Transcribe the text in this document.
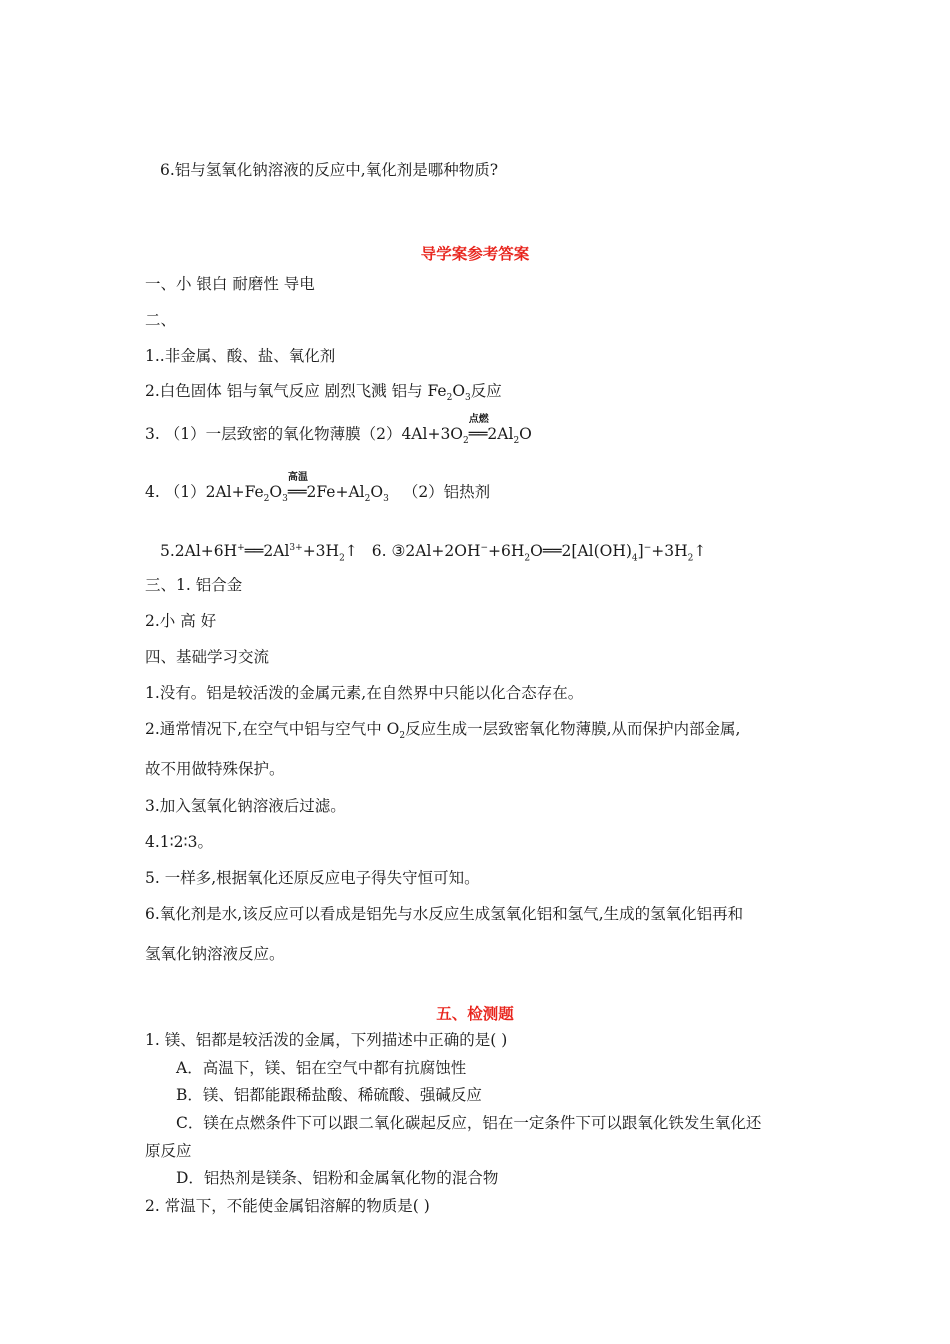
6.铝与氢氧化钠溶液的反应中,氧化剂是哪种物质?
导学案参考答案
一、小 银白 耐磨性 导电
二、
1..非金属、酸、盐、氧化剂
2.白色固体 铝与氧气反应 剧烈飞溅 铝与 $Fe_2O_3$反应
3. （1）一层致密的氧化物薄膜$(2)4Al+3O_2$
点燃
$══2Al_2O$
4. $(1)2Al+Fe_2O_3$
高温
$══2Fe+Al_2O_3$ （2）铝热剂
$5.2Al+6H^+══2Al^{3+}+3H_2↑$ 6. $③2Al+2OH^-+6H_2O══2[Al(OH)_4]^-+3H_2↑$
三、1. 铝合金
2.小 高 好
四、基础学习交流
1.没有。铝是较活泼的金属元素,在自然界中只能以化合态存在。
2.通常情况下,在空气中铝与空气中 $O_2$反应生成一层致密氧化物薄膜,从而保护内部金属,
故不用做特殊保护。
3.加入氢氧化钠溶液后过滤。
4.1∶2∶3。
5. 一样多,根据氧化还原反应电子得失守恒可知。
6.氧化剂是水,该反应可以看成是铝先与水反应生成氢氧化铝和氢气,生成的氢氧化铝再和
氢氧化钠溶液反应。
五、检测题
1. 镁、铝都是较活泼的金属，下列描述中正确的是( )
A．高温下，镁、铝在空气中都有抗腐蚀性
B．镁、铝都能跟稀盐酸、稀硫酸、强碱反应
C．镁在点燃条件下可以跟二氧化碳起反应，铝在一定条件下可以跟氧化铁发生氧化还
原反应
D．铝热剂是镁条、铝粉和金属氧化物的混合物
2. 常温下，不能使金属铝溶解的物质是( )
